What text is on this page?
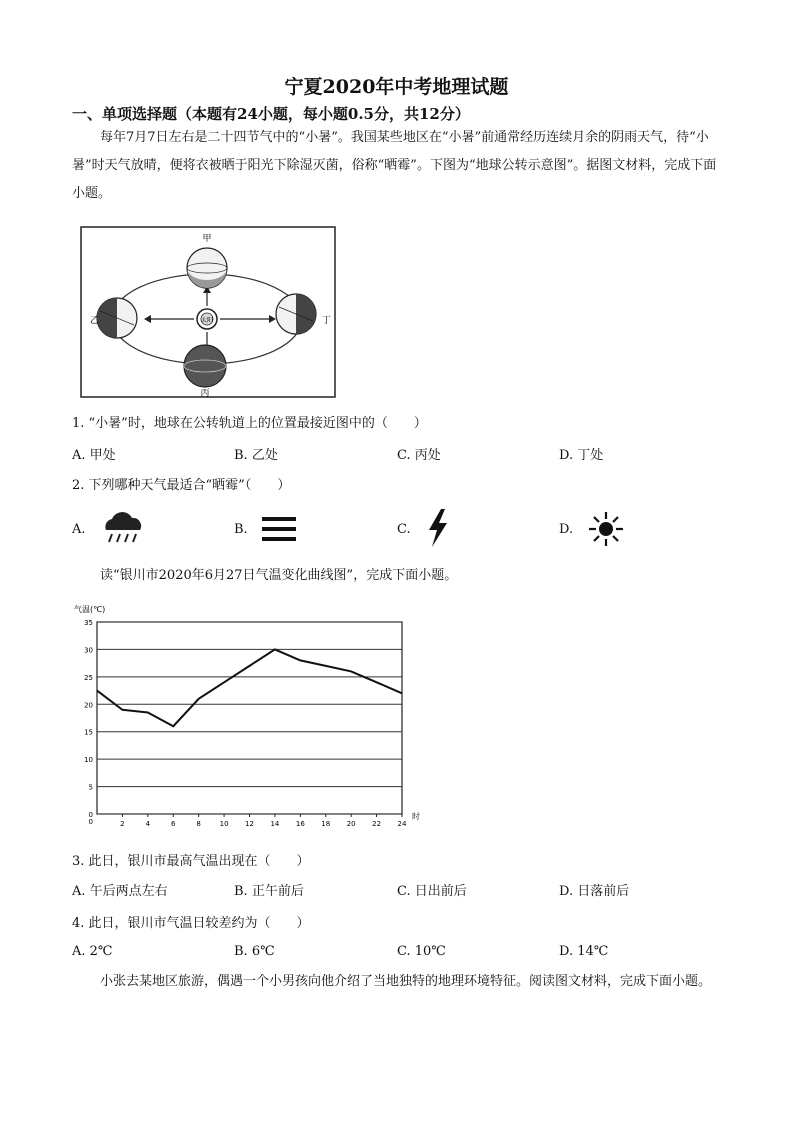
宁夏2020年中考地理试题
一、单项选择题（本题有24小题，每小题0.5分，共12分）
每年7月7日左右是二十四节气中的“小暑”。我国某些地区在“小暑”前通常经历连续月余的阴雨天气，待“小暑”时天气放晴，便将衣被晒于阳光下除湿灭菌，俗称“晒霉”。下图为“地球公转示意图”。据图文材料，完成下面小题。
太阳
甲
乙	丁
丙
1. “小暑”时，地球在公转轨道上的位置最接近图中的（　　）
A. 甲处	B. 乙处	C. 丙处	D. 丁处
2. 下列哪种天气最适合“晒霉”（　　）
A.	B.	C.	D.
读“银川市2020年6月27日气温变化曲线图”，完成下面小题。
气温(℃)
时
0
5
10
15
20
25
30
35
2	4	6	8	10 12 14 16 18 20 22 24
0
3. 此日，银川市最高气温出现在（　　）
A. 午后两点左右	B. 正午前后	C. 日出前后	D. 日落前后
4. 此日，银川市气温日较差约为（　　）
A. 2℃	B. 6℃	C. 10℃	D. 14℃
小张去某地区旅游，偶遇一个小男孩向他介绍了当地独特的地理环境特征。阅读图文材料，完成下面小题。
